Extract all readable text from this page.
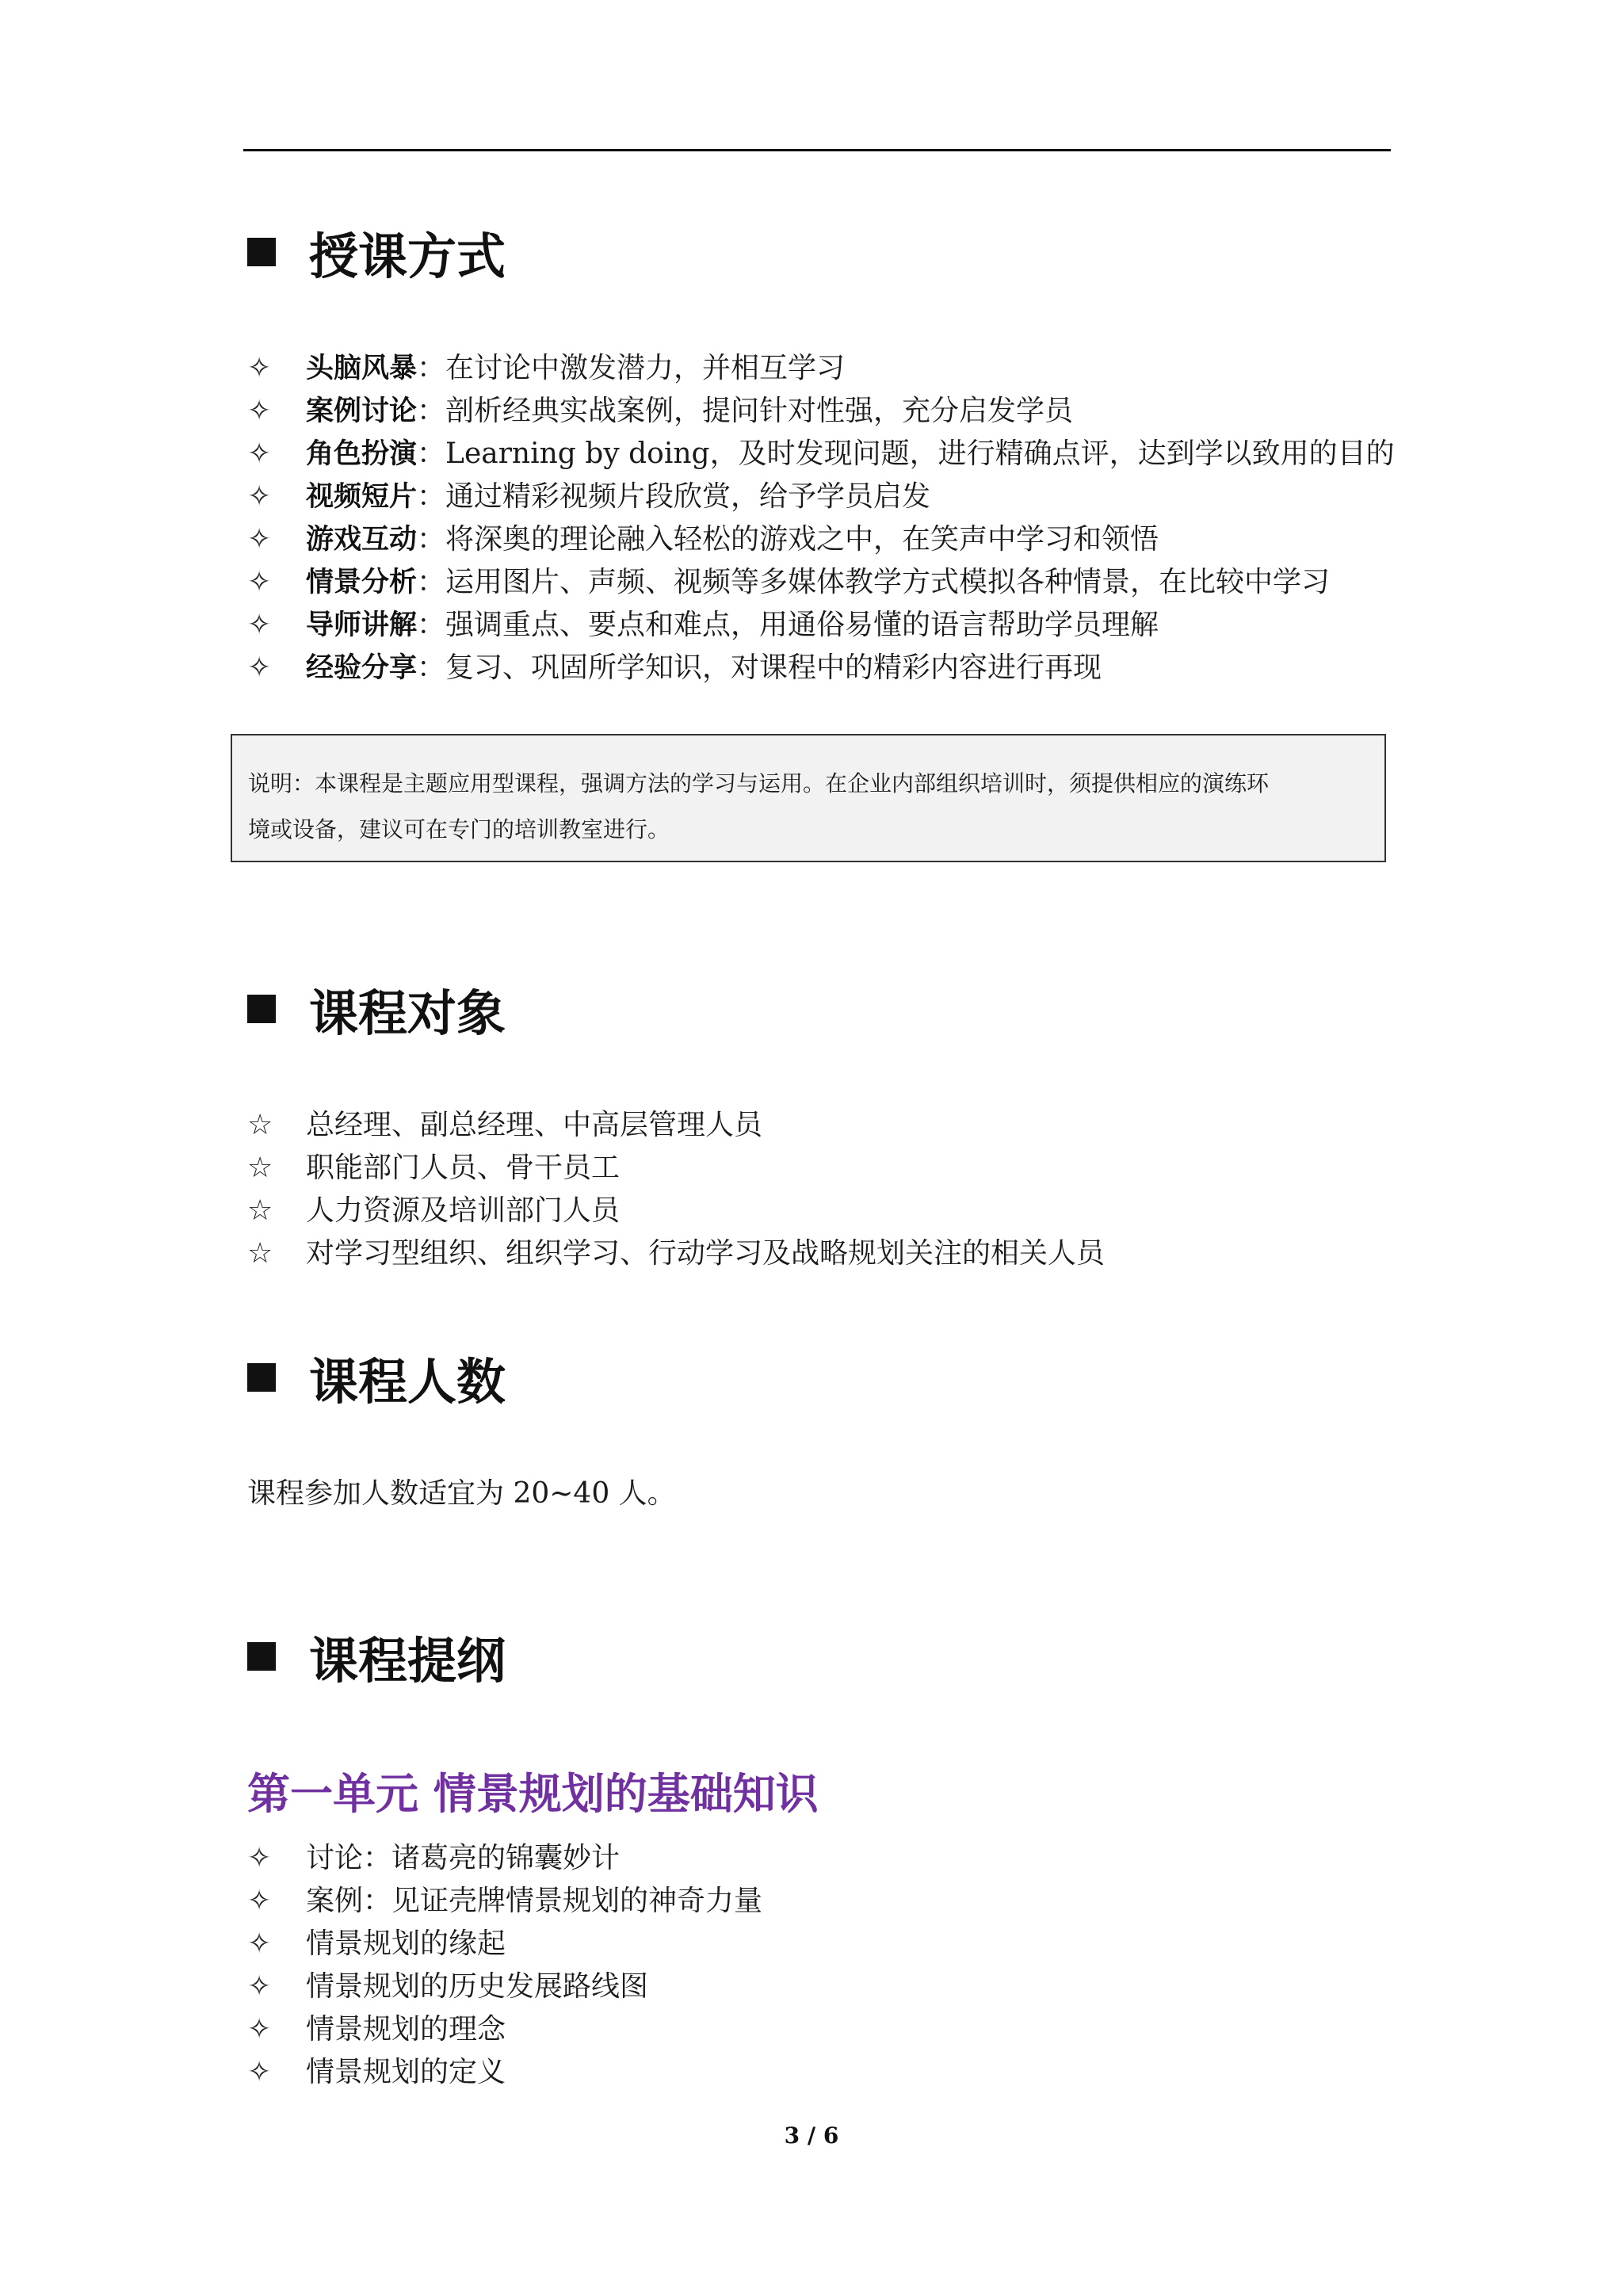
授课方式
✧	头脑风暴 ： 在讨论中激发潜力，并相互学习
✧	案例讨论 ： 剖析经典实战案例，提问针对性强，充分启发学员
✧	角色扮演 ： Learning by doing，及时发现问题，进行精确点评，达到学以致用的目的
✧	视频短片 ： 通过精彩视频片段欣赏，给予学员启发
✧	游戏互动 ： 将深奥的理论融入轻松的游戏之中，在笑声中学习和领悟
✧	情景分析 ： 运用图片、声频、视频等多媒体教学方式模拟各种情景，在比较中学习
✧	导师讲解 ： 强调重点、要点和难点，用通俗易懂的语言帮助学员理解
✧	经验分享 ： 复习、巩固所学知识，对课程中的精彩内容进行再现
说明：本课程是主题应用型课程，强调方法的学习与运用。在企业内部组织培训时，须提供相应的演练环
境或设备，建议可在专门的培训教室进行。
课程对象
☆	总经理、副总经理、中高层管理人员
☆	职能部门人员、骨干员工
☆	人力资源及培训部门人员
☆	对学习型组织、组织学习、行动学习及战略规划关注的相关人员
课程人数
课程参加人数适宜为 20~40 人。
课程提纲
第一单元 情景规划的基础知识
✧	讨论：诸葛亮的锦囊妙计
✧	案例：见证壳牌情景规划的神奇力量
✧	情景规划的缘起
✧	情景规划的历史发展路线图
✧	情景规划的理念
✧	情景规划的定义
3 / 6
